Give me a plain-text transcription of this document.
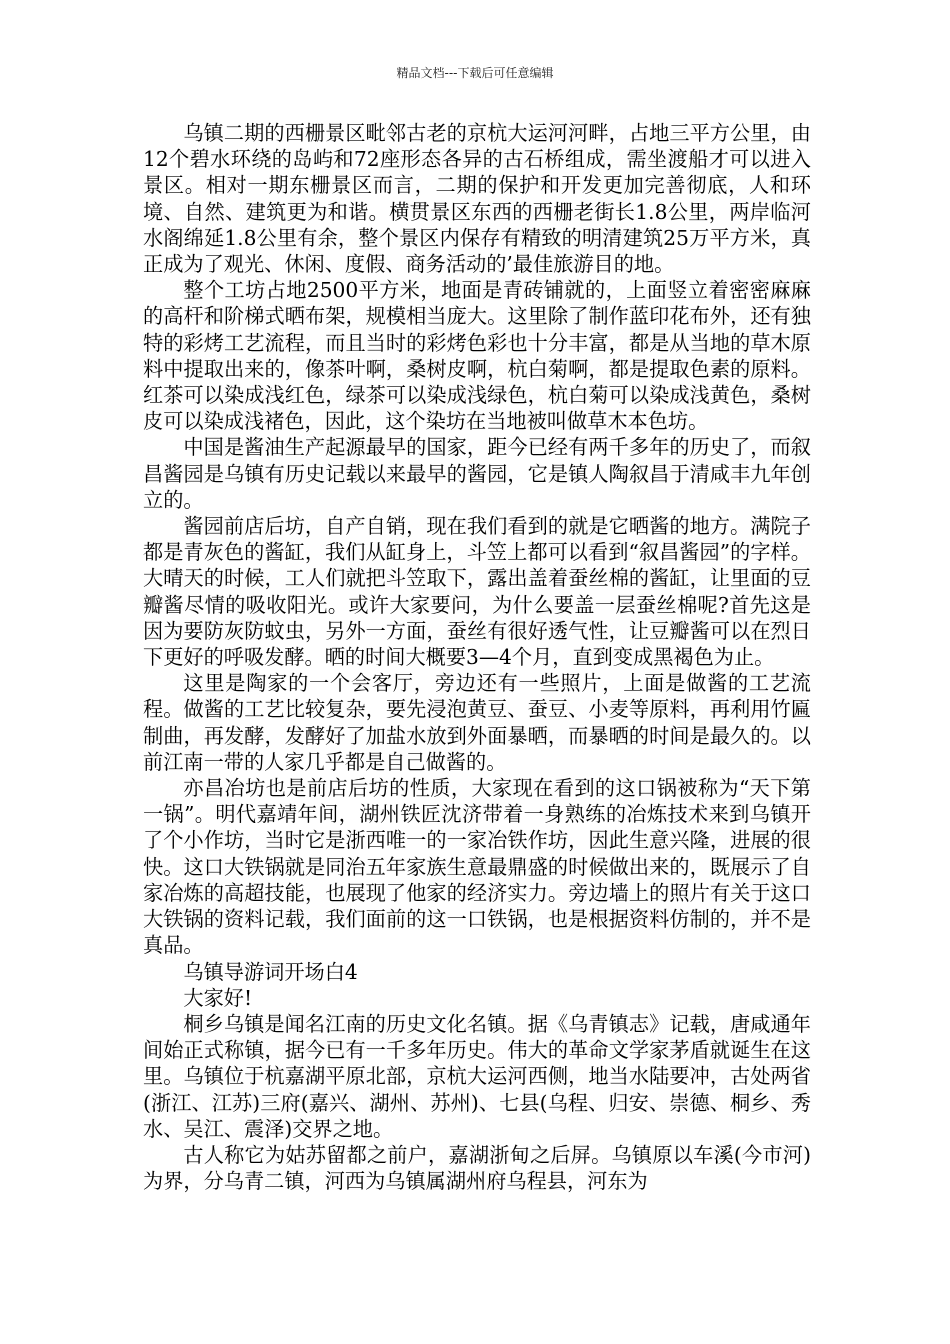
精品文档---下载后可任意编辑

乌镇二期的西栅景区毗邻古老的京杭大运河河畔，占地三平方公里，由12个碧水环绕的岛屿和72座形态各异的古石桥组成，需坐渡船才可以进入景区。相对一期东栅景区而言，二期的保护和开发更加完善彻底，人和环境、自然、建筑更为和谐。横贯景区东西的西栅老街长1.8公里，两岸临河水阁绵延1.8公里有余，整个景区内保存有精致的明清建筑25万平方米，真正成为了观光、休闲、度假、商务活动的’最佳旅游目的地。

整个工坊占地2500平方米，地面是青砖铺就的，上面竖立着密密麻麻的高杆和阶梯式晒布架，规模相当庞大。这里除了制作蓝印花布外，还有独特的彩烤工艺流程，而且当时的彩烤色彩也十分丰富，都是从当地的草木原料中提取出来的，像茶叶啊，桑树皮啊，杭白菊啊，都是提取色素的原料。红茶可以染成浅红色，绿茶可以染成浅绿色，杭白菊可以染成浅黄色，桑树皮可以染成浅褚色，因此，这个染坊在当地被叫做草木本色坊。

中国是酱油生产起源最早的国家，距今已经有两千多年的历史了，而叙昌酱园是乌镇有历史记载以来最早的酱园，它是镇人陶叙昌于清咸丰九年创立的。

酱园前店后坊，自产自销，现在我们看到的就是它晒酱的地方。满院子都是青灰色的酱缸，我们从缸身上，斗笠上都可以看到“叙昌酱园”的字样。大晴天的时候，工人们就把斗笠取下，露出盖着蚕丝棉的酱缸，让里面的豆瓣酱尽情的吸收阳光。或许大家要问，为什么要盖一层蚕丝棉呢?首先这是因为要防灰防蚊虫，另外一方面，蚕丝有很好透气性，让豆瓣酱可以在烈日下更好的呼吸发酵。晒的时间大概要3—4个月，直到变成黑褐色为止。

这里是陶家的一个会客厅，旁边还有一些照片，上面是做酱的工艺流程。做酱的工艺比较复杂，要先浸泡黄豆、蚕豆、小麦等原料，再利用竹匾制曲，再发酵，发酵好了加盐水放到外面暴晒，而暴晒的时间是最久的。以前江南一带的人家几乎都是自己做酱的。

亦昌冶坊也是前店后坊的性质，大家现在看到的这口锅被称为“天下第一锅”。明代嘉靖年间，湖州铁匠沈济带着一身熟练的冶炼技术来到乌镇开了个小作坊，当时它是浙西唯一的一家冶铁作坊，因此生意兴隆，进展的很快。这口大铁锅就是同治五年家族生意最鼎盛的时候做出来的，既展示了自家冶炼的高超技能，也展现了他家的经济实力。旁边墙上的照片有关于这口大铁锅的资料记载，我们面前的这一口铁锅，也是根据资料仿制的，并不是真品。

乌镇导游词开场白4

大家好!

桐乡乌镇是闻名江南的历史文化名镇。据《乌青镇志》记载，唐咸通年间始正式称镇，据今已有一千多年历史。伟大的革命文学家茅盾就诞生在这里。乌镇位于杭嘉湖平原北部，京杭大运河西侧，地当水陆要冲，古处两省(浙江、江苏)三府(嘉兴、湖州、苏州)、七县(乌程、归安、崇德、桐乡、秀水、吴江、震泽)交界之地。

古人称它为姑苏留都之前户，嘉湖浙甸之后屏。乌镇原以车溪(今市河)为界，分乌青二镇，河西为乌镇属湖州府乌程县，河东为
